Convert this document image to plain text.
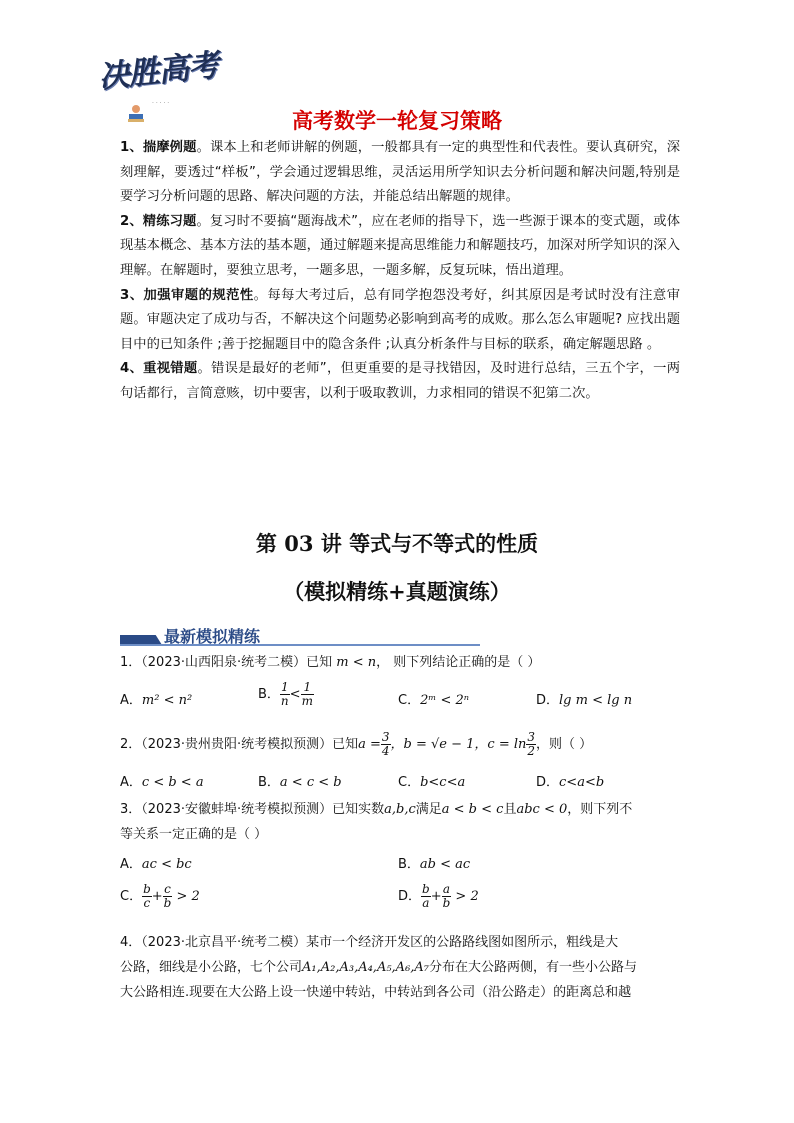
决胜高考
· · · · ·
高考数学一轮复习策略

1、揣摩例题。课本上和老师讲解的例题，一般都具有一定的典型性和代表性。要认真研究，深刻理解，要透过“样板”，学会通过逻辑思维，灵活运用所学知识去分析问题和解决问题,特别是要学习分析问题的思路、解决问题的方法，并能总结出解题的规律。

2、精练习题。复习时不要搞“题海战术”，应在老师的指导下，选一些源于课本的变式题，或体现基本概念、基本方法的基本题，通过解题来提高思维能力和解题技巧，加深对所学知识的深入理解。在解题时，要独立思考，一题多思，一题多解，反复玩味，悟出道理。

3、加强审题的规范性。每每大考过后，总有同学抱怨没考好，纠其原因是考试时没有注意审题。审题决定了成功与否，不解决这个问题势必影响到高考的成败。那么怎么审题呢? 应找出题目中的已知条件 ;善于挖掘题目中的隐含条件 ;认真分析条件与目标的联系，确定解题思路 。

4、重视错题。错误是最好的老师”，但更重要的是寻找错因，及时进行总结，三五个字，一两句话都行，言简意赅，切中要害，以利于吸取教训，力求相同的错误不犯第二次。

第 03 讲 等式与不等式的性质
（模拟精练+真题演练）
最新模拟精练
1．（2023·山西阳泉·统考二模）已知 m < n， 则下列结论正确的是（ ）
A．m² < n²	B． $\frac{1}{n} < \frac{1}{m}$	C．2ᵐ < 2ⁿ	D．lg m < lg n
2．（2023·贵州贵阳·统考模拟预测）已知$a = \frac{3}{4}$ ，b = √e − 1，$c = \ln \frac{3}{2}$ ，则（ ）
A．c < b < a	B．a < c < b	C．b<c<a	D．c<a<b
3．（2023·安徽蚌埠·统考模拟预测）已知实数a,b,c满足a < b < c且abc < 0，则下列不
等关系一定正确的是（ ）
A．ac < bc	B．ab < ac
C． $\frac{b}{c} + \frac{c}{b} > 2$	D． $\frac{b}{a} + \frac{a}{b} > 2$
4．（2023·北京昌平·统考二模）某市一个经济开发区的公路路线图如图所示，粗线是大
公路，细线是小公路，七个公司A₁,A₂,A₃,A₄,A₅,A₆,A₇分布在大公路两侧，有一些小公路与
大公路相连.现要在大公路上设一快递中转站，中转站到各公司（沿公路走）的距离总和越
